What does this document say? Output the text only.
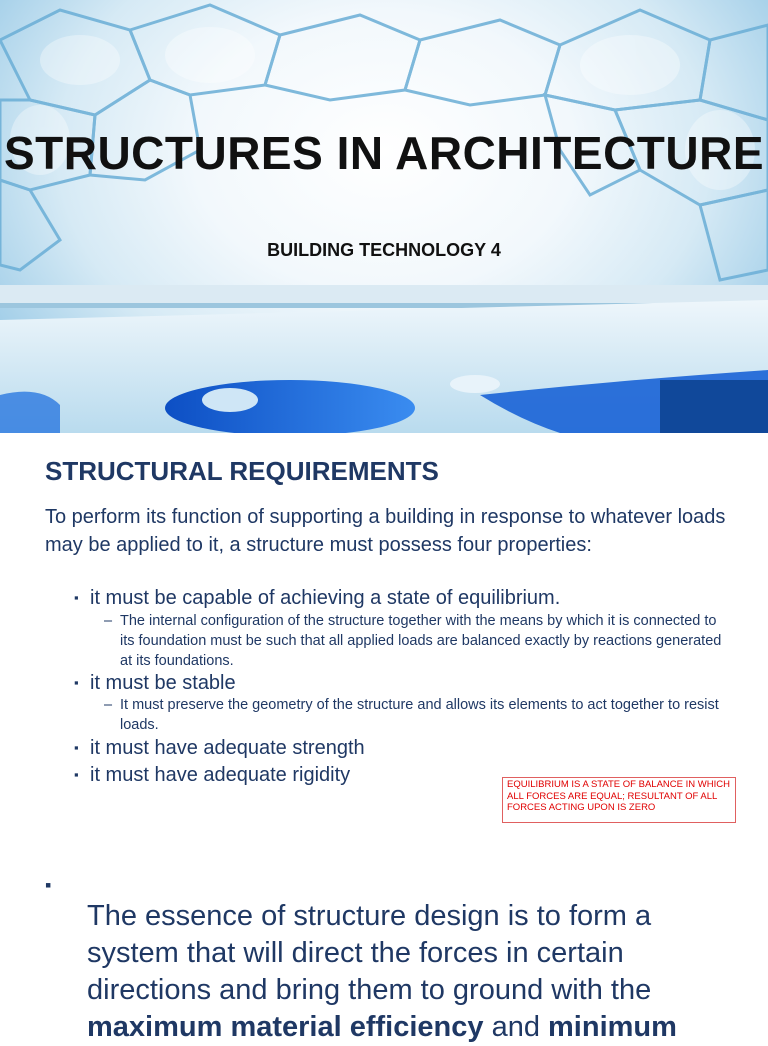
STRUCTURES IN ARCHITECTURE
BUILDING TECHNOLOGY 4
STRUCTURAL REQUIREMENTS
To perform its function of supporting a building in response to whatever loads may be applied to it, a structure must possess four properties:
▪ it must be capable of achieving a state of equilibrium.
– The internal configuration of the structure together with the means by which it is connected to its foundation must be such that all applied loads are balanced exactly by reactions generated at its foundations.
▪ it must be stable
– It must preserve the geometry of the structure and allows its elements to act together to resist loads.
▪ it must have adequate strength
▪ it must have adequate rigidity	EQUILIBRIUM IS A STATE OF BALANCE IN WHICH ALL FORCES ARE EQUAL; RESULTANT OF ALL FORCES ACTING UPON IS ZERO
▪
The essence of structure design is to form a system that will direct the forces in certain directions and bring them to ground with the maximum material efficiency and minimum
